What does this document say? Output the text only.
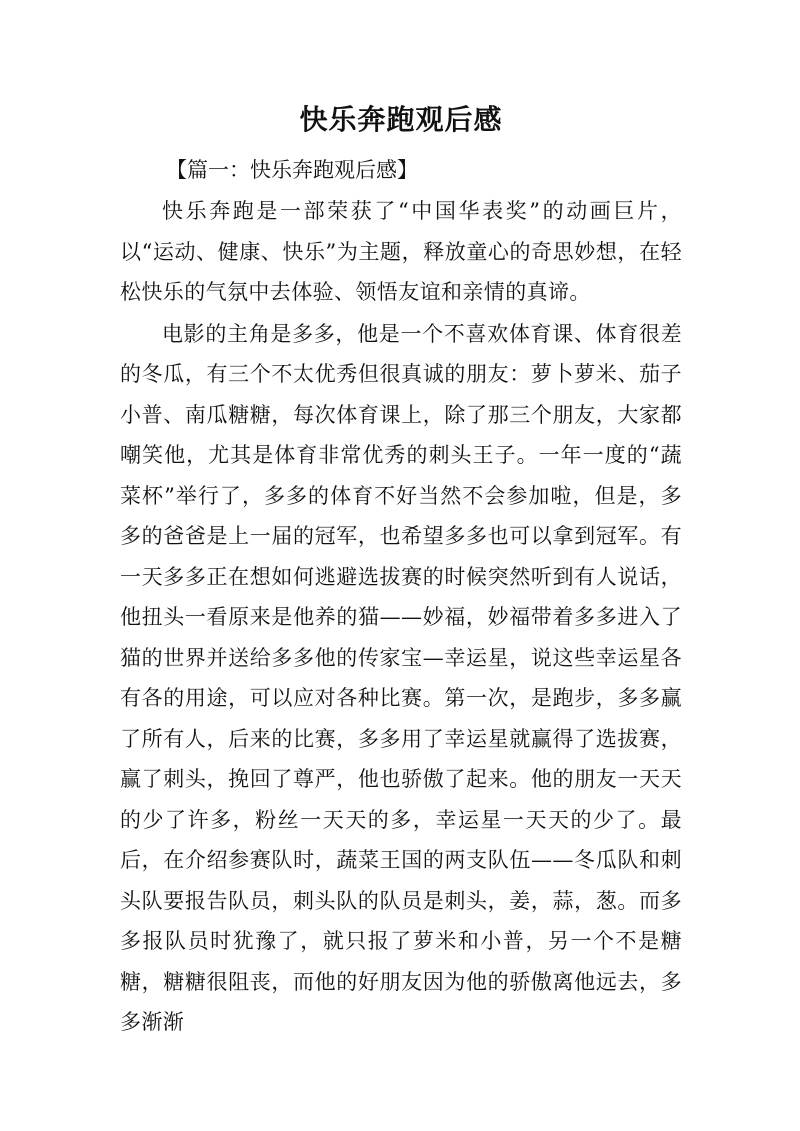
快乐奔跑观后感
【篇一：快乐奔跑观后感】

快乐奔跑是一部荣获了“中国华表奖”的动画巨片，以“运动、健康、快乐”为主题，释放童心的奇思妙想，在轻松快乐的气氛中去体验、领悟友谊和亲情的真谛。

电影的主角是多多，他是一个不喜欢体育课、体育很差的冬瓜，有三个不太优秀但很真诚的朋友：萝卜萝米、茄子小普、南瓜糖糖，每次体育课上，除了那三个朋友，大家都嘲笑他，尤其是体育非常优秀的刺头王子。一年一度的“蔬菜杯”举行了，多多的体育不好当然不会参加啦，但是，多多的爸爸是上一届的冠军，也希望多多也可以拿到冠军。有一天多多正在想如何逃避选拔赛的时候突然听到有人说话，他扭头一看原来是他养的猫——妙福，妙福带着多多进入了猫的世界并送给多多他的传家宝—幸运星，说这些幸运星各有各的用途，可以应对各种比赛。第一次，是跑步，多多赢了所有人，后来的比赛，多多用了幸运星就赢得了选拔赛，赢了刺头，挽回了尊严，他也骄傲了起来。他的朋友一天天的少了许多，粉丝一天天的多，幸运星一天天的少了。最后，在介绍参赛队时，蔬菜王国的两支队伍——冬瓜队和刺头队要报告队员，刺头队的队员是刺头，姜，蒜，葱。而多多报队员时犹豫了，就只报了萝米和小普，另一个不是糖糖，糖糖很阻丧，而他的好朋友因为他的骄傲离他远去，多多渐渐
